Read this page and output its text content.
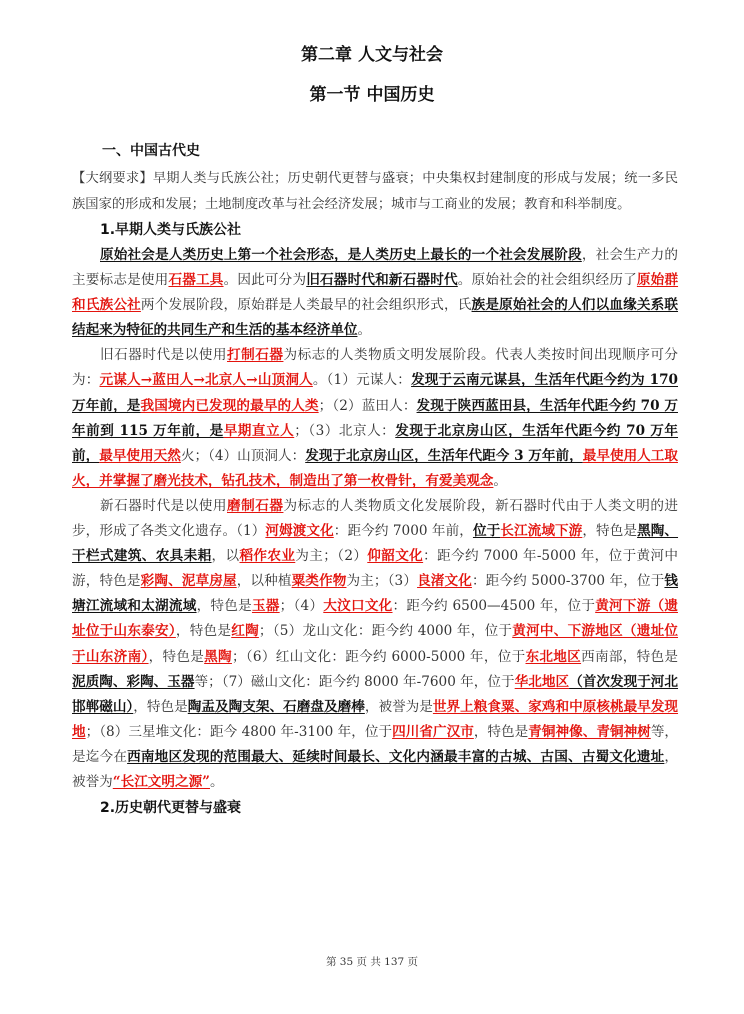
第二章 人文与社会
第一节 中国历史
一、中国古代史

【大纲要求】早期人类与氏族公社；历史朝代更替与盛衰；中央集权封建制度的形成与发展；统一多民族国家的形成和发展；土地制度改革与社会经济发展；城市与工商业的发展；教育和科举制度。

1.早期人类与氏族公社

原始社会是人类历史上第一个社会形态，是人类历史上最长的一个社会发展阶段，社会生产力的主要标志是使用石器工具。因此可分为旧石器时代和新石器时代。原始社会的社会组织经历了原始群和氏族公社两个发展阶段，原始群是人类最早的社会组织形式，氏族是原始社会的人们以血缘关系联结起来为特征的共同生产和生活的基本经济单位。

旧石器时代是以使用打制石器为标志的人类物质文明发展阶段。代表人类按时间出现顺序可分为：元谋人→蓝田人→北京人→山顶洞人。（1）元谋人：发现于云南元谋县，生活年代距今约为 170 万年前，是我国境内已发现的最早的人类；（2）蓝田人：发现于陕西蓝田县，生活年代距今约 70 万年前到 115 万年前，是早期直立人；（3）北京人：发现于北京房山区，生活年代距今约 70 万年前，最早使用天然火；（4）山顶洞人：发现于北京房山区，生活年代距今 3 万年前，最早使用人工取火，并掌握了磨光技术，钻孔技术，制造出了第一枚骨针，有爱美观念。

新石器时代是以使用磨制石器为标志的人类物质文化发展阶段，新石器时代由于人类文明的进步，形成了各类文化遗存。（1）河姆渡文化：距今约 7000 年前，位于长江流域下游，特色是黑陶、干栏式建筑、农具耒耜，以稻作农业为主；（2）仰韶文化：距今约 7000 年-5000 年，位于黄河中游，特色是彩陶、泥草房屋，以种植粟类作物为主；（3）良渚文化：距今约 5000-3700 年，位于钱塘江流域和太湖流域，特色是玉器；（4）大汶口文化：距今约 6500—4500 年，位于黄河下游（遗址位于山东泰安），特色是红陶；（5）龙山文化：距今约 4000 年，位于黄河中、下游地区（遗址位于山东济南），特色是黑陶；（6）红山文化：距今约 6000-5000 年，位于东北地区西南部，特色是泥质陶、彩陶、玉器等；（7）磁山文化：距今约 8000 年-7600 年，位于华北地区（首次发现于河北邯郸磁山），特色是陶盂及陶支架、石磨盘及磨棒，被誉为是世界上粮食粟、家鸡和中原核桃最早发现地；（8）三星堆文化：距今 4800 年-3100 年，位于四川省广汉市，特色是青铜神像、青铜神树等，是迄今在西南地区发现的范围最大、延续时间最长、文化内涵最丰富的古城、古国、古蜀文化遗址，被誉为“长江文明之源”。

2.历史朝代更替与盛衰
第 35 页 共 137 页
